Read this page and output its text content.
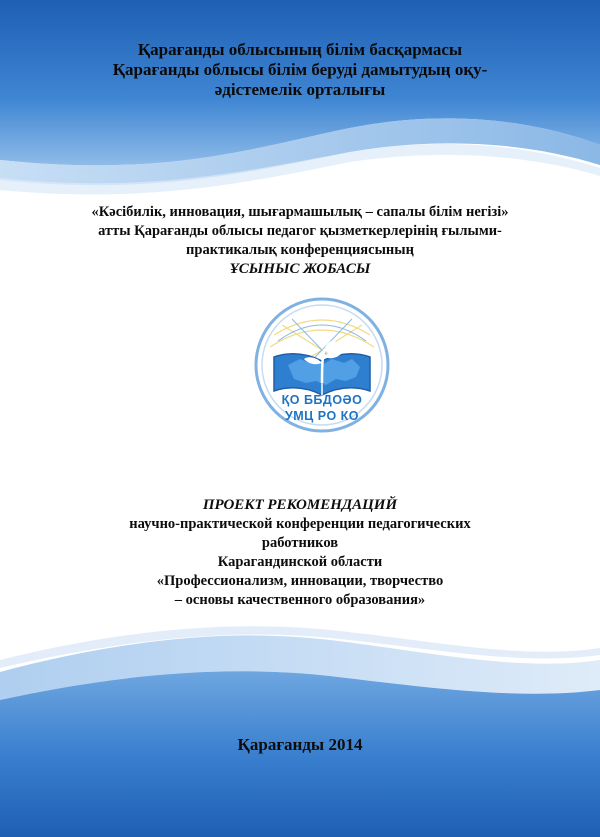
Қарағанды облысының білім басқармасы
Қарағанды облысы білім беруді дамытудың оқу-
әдістемелік орталығы
«Кәсібилік, инновация, шығармашылық – сапалы білім негізі»
атты Қарағанды облысы педагог қызметкерлерінің ғылыми-
практикалық конференциясының
ҰСЫНЫС ЖОБАСЫ
ҚО ББДОӘО
УМЦ РО КО
ПРОЕКТ РЕКОМЕНДАЦИЙ
научно-практической конференции педагогических
работников
Карагандинской области
«Профессионализм, инновации, творчество
– основы качественного образования»
Қарағанды 2014
